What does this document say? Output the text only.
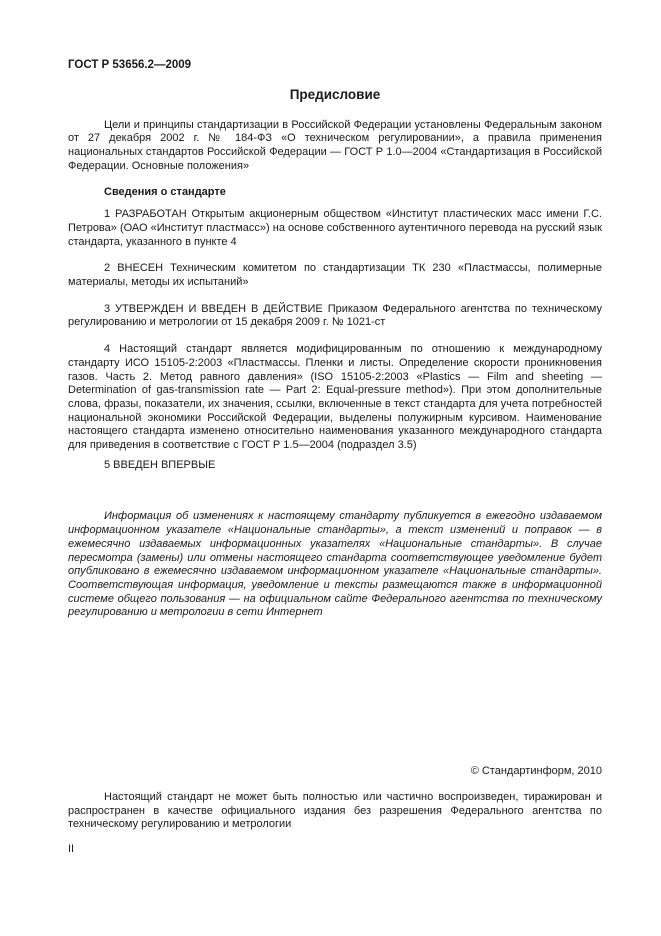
ГОСТ Р 53656.2—2009
Предисловие

Цели и принципы стандартизации в Российской Федерации установлены Федеральным законом от 27 декабря 2002 г. № 184-ФЗ «О техническом регулировании», а правила применения национальных стандартов Российской Федерации — ГОСТ Р 1.0—2004 «Стандартизация в Российской Федерации. Основные положения»

Сведения о стандарте

1 РАЗРАБОТАН Открытым акционерным обществом «Институт пластических масс имени Г.С. Петрова» (ОАО «Институт пластмасс») на основе собственного аутентичного перевода на русский язык стандарта, указанного в пункте 4

2 ВНЕСЕН Техническим комитетом по стандартизации ТК 230 «Пластмассы, полимерные материалы, методы их испытаний»

3 УТВЕРЖДЕН И ВВЕДЕН В ДЕЙСТВИЕ Приказом Федерального агентства по техническому регулированию и метрологии от 15 декабря 2009 г. № 1021-ст

4 Настоящий стандарт является модифицированным по отношению к международному стандарту ИСО 15105-2:2003 «Пластмассы. Пленки и листы. Определение скорости проникновения газов. Часть 2. Метод равного давления» (ISO 15105-2:2003 «Plastics — Film and sheeting — Determination of gas-transmission rate — Part 2: Equal-pressure method»). При этом дополнительные слова, фразы, показатели, их значения, ссылки, включенные в текст стандарта для учета потребностей национальной экономики Российской Федерации, выделены полужирным курсивом. Наименование настоящего стандарта изменено относительно наименования указанного международного стандарта для приведения в соответствие с ГОСТ Р 1.5—2004 (подраздел 3.5)

5 ВВЕДЕН ВПЕРВЫЕ

Информация об изменениях к настоящему стандарту публикуется в ежегодно издаваемом информационном указателе «Национальные стандарты», а текст изменений и поправок — в ежемесячно издаваемых информационных указателях «Национальные стандарты». В случае пересмотра (замены) или отмены настоящего стандарта соответствующее уведомление будет опубликовано в ежемесячно издаваемом информационном указателе «Национальные стандарты». Соответствующая информация, уведомление и тексты размещаются также в информационной системе общего пользования — на официальном сайте Федерального агентства по техническому регулированию и метрологии в сети Интернет

© Стандартинформ, 2010

Настоящий стандарт не может быть полностью или частично воспроизведен, тиражирован и распространен в качестве официального издания без разрешения Федерального агентства по техническому регулированию и метрологии

II
